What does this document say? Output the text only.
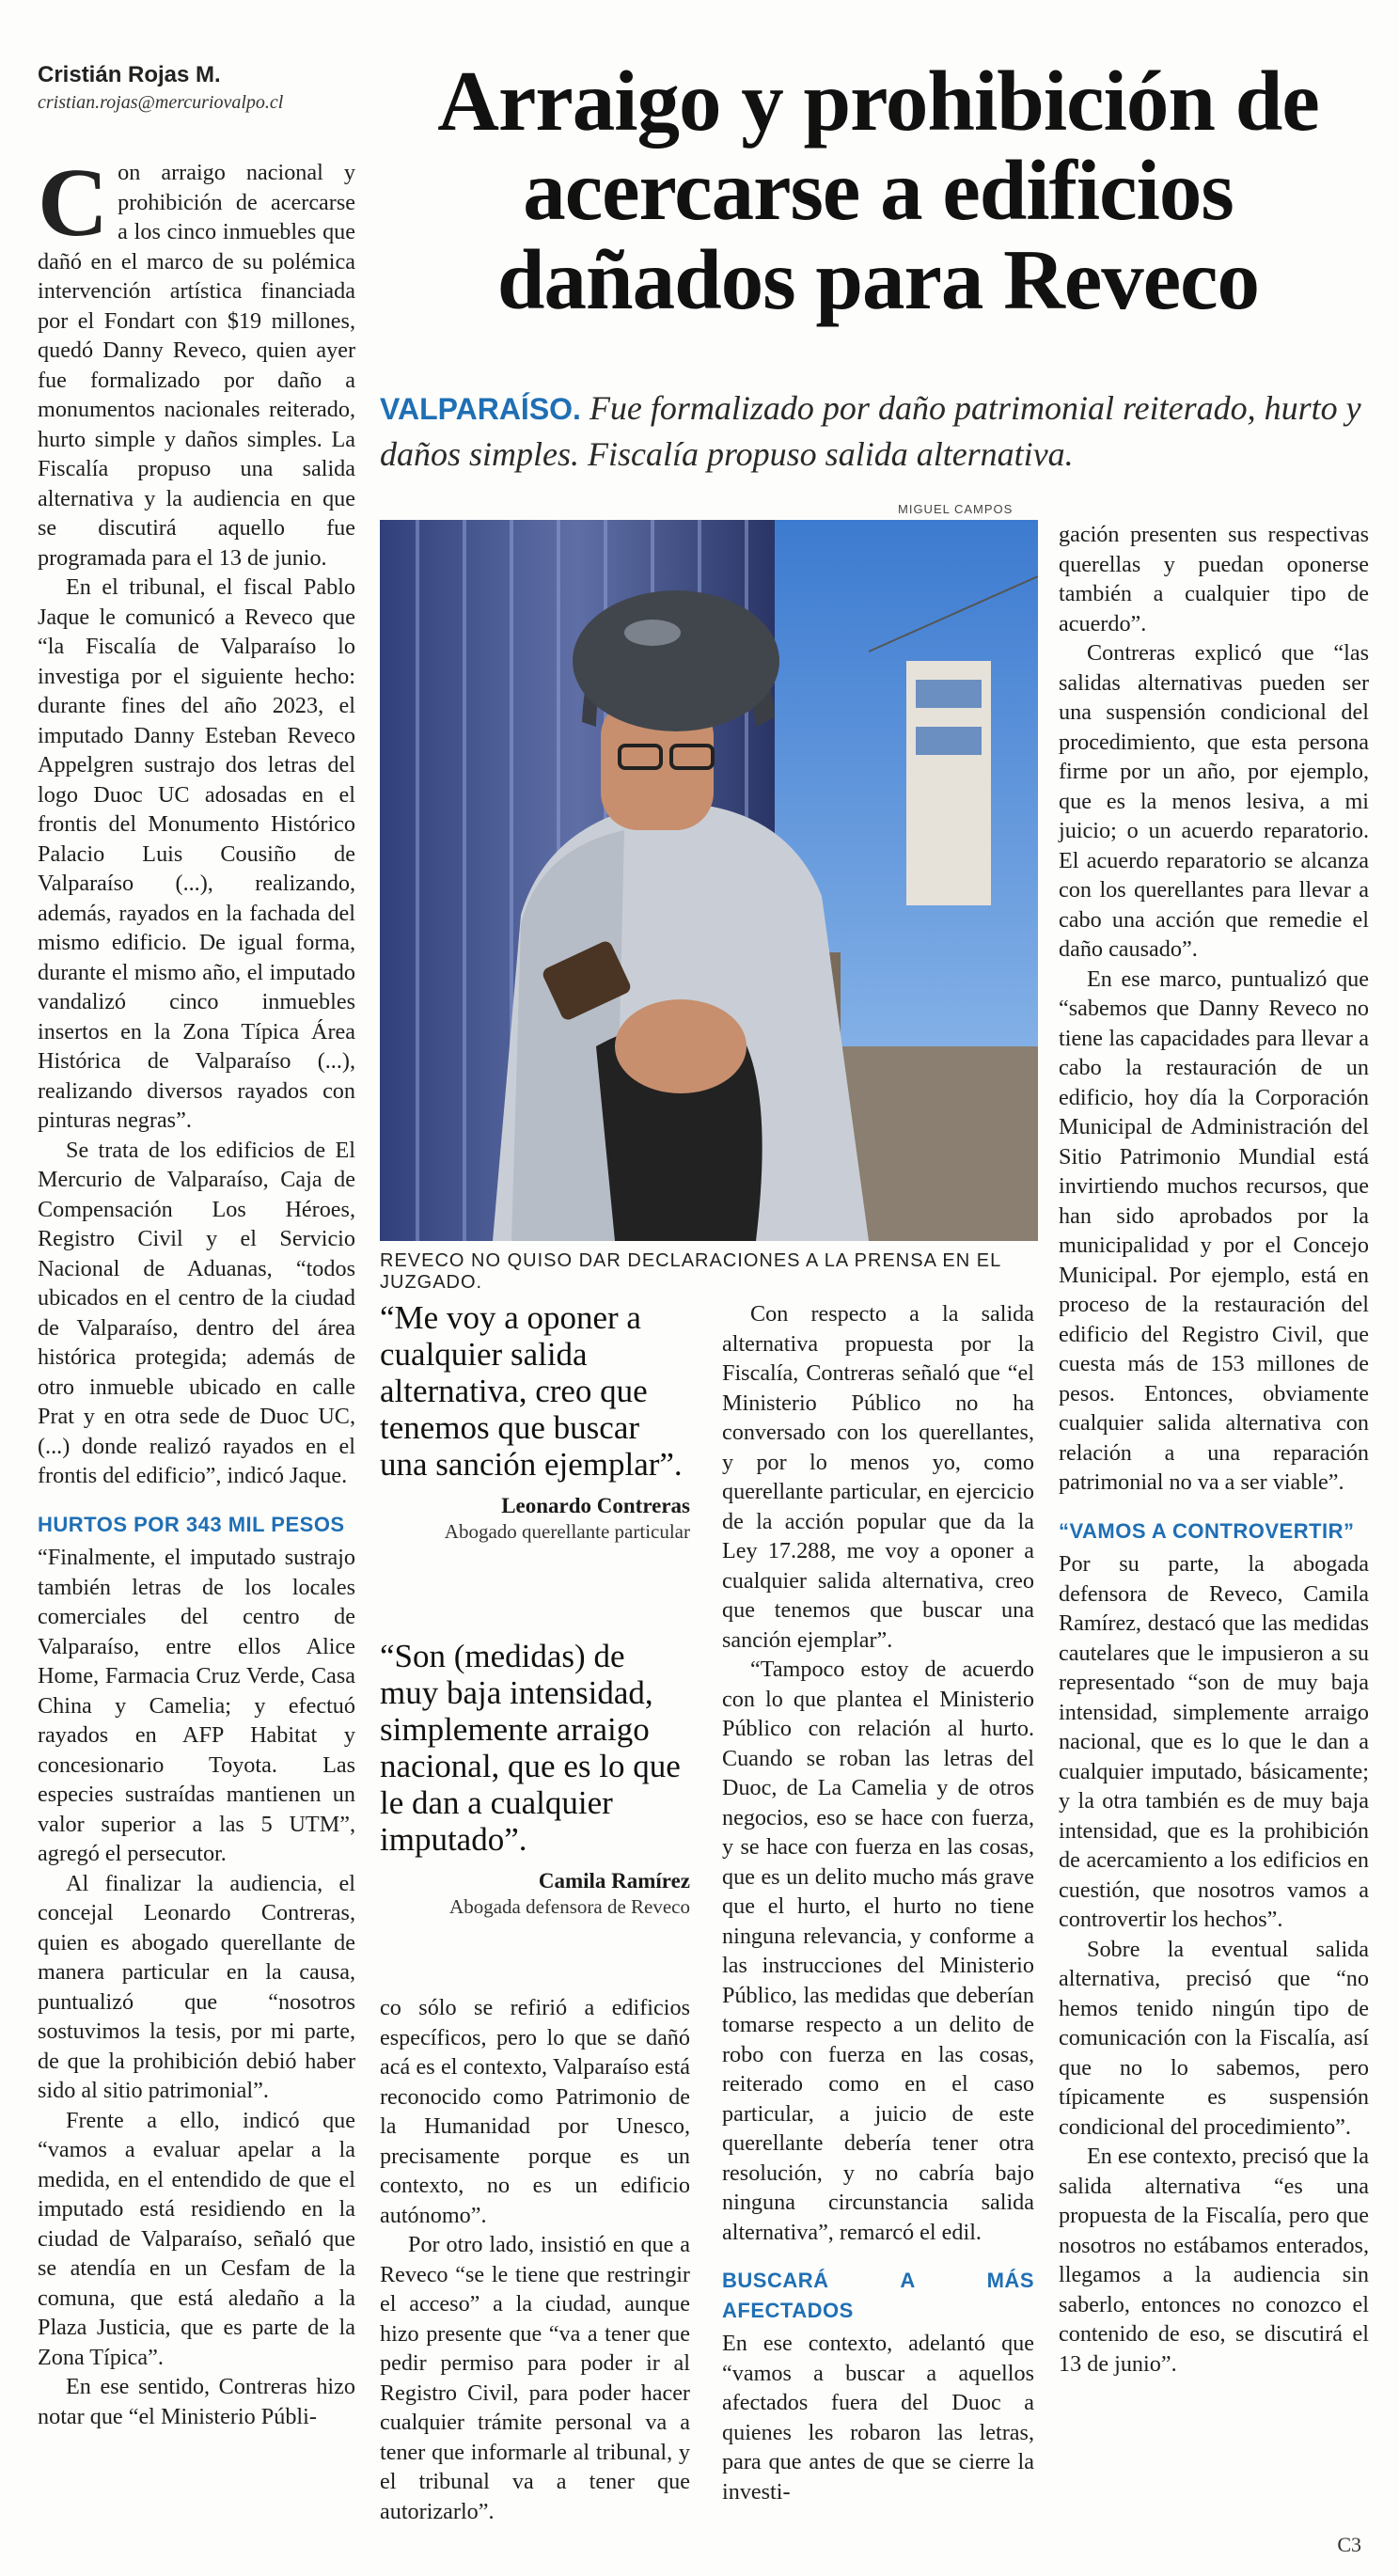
Cristián Rojas M.
cristian.rojas@mercuriovalpo.cl	Arraigo y prohibición de acercarse a edificios dañados para Reveco
VALPARAÍSO. Fue formalizado por daño patrimonial reiterado, hurto y daños simples. Fiscalía propuso salida alternativa.

Con arraigo nacional y prohibición de acercarse a los cinco inmuebles que dañó en el marco de su polémica intervención artística financiada por el Fondart con $19 millones, quedó Danny Reveco, quien ayer fue formalizado por daño a monumentos nacionales reiterado, hurto simple y daños simples. La Fiscalía propuso una salida alternativa y la audiencia en que se discutirá aquello fue programada para el 13 de junio.

En el tribunal, el fiscal Pablo Jaque le comunicó a Reveco que “la Fiscalía de Valparaíso lo investiga por el siguiente hecho: durante fines del año 2023, el imputado Danny Esteban Reveco Appelgren sustrajo dos letras del logo Duoc UC adosadas en el frontis del Monumento Histórico Palacio Luis Cousiño de Valparaíso (...), realizando, además, rayados en la fachada del mismo edificio. De igual forma, durante el mismo año, el imputado vandalizó cinco inmuebles insertos en la Zona Típica Área Histórica de Valparaíso (...), realizando diversos rayados con pinturas negras”.

Se trata de los edificios de El Mercurio de Valparaíso, Caja de Compensación Los Héroes, Registro Civil y el Servicio Nacional de Aduanas, “todos ubicados en el centro de la ciudad de Valparaíso, dentro del área histórica protegida; además de otro inmueble ubicado en calle Prat y en otra sede de Duoc UC, (...) donde realizó rayados en el frontis del edificio”, indicó Jaque.

HURTOS POR 343 MIL PESOS

“Finalmente, el imputado sustrajo también letras de los locales comerciales del centro de Valparaíso, entre ellos Alice Home, Farmacia Cruz Verde, Casa China y Camelia; y efectuó rayados en AFP Habitat y concesionario Toyota. Las especies sustraídas mantienen un valor superior a las 5 UTM”, agregó el persecutor.

Al finalizar la audiencia, el concejal Leonardo Contreras, quien es abogado querellante de manera particular en la causa, puntualizó que “nosotros sostuvimos la tesis, por mi parte, de que la prohibición debió haber sido al sitio patrimonial”.

Frente a ello, indicó que “vamos a evaluar apelar a la medida, en el entendido de que el imputado está residiendo en la ciudad de Valparaíso, señaló que se atendía en un Cesfam de la comuna, que está aledaño a la Plaza Justicia, que es parte de la Zona Típica”.

En ese sentido, Contreras hizo notar que “el Ministerio Públi-

MIGUEL CAMPOS
REVECO NO QUISO DAR DECLARACIONES A LA PRENSA EN EL JUZGADO.
“Me voy a oponer a cualquier salida alternativa, creo que tenemos que buscar una sanción ejemplar”.
Leonardo Contreras
Abogado querellante particular
“Son (medidas) de muy baja intensidad, simplemente arraigo nacional, que es lo que le dan a cualquier imputado”.
Camila Ramírez
Abogada defensora de Reveco

co sólo se refirió a edificios específicos, pero lo que se dañó acá es el contexto, Valparaíso está reconocido como Patrimonio de la Humanidad por Unesco, precisamente porque es un contexto, no es un edificio autónomo”.

Por otro lado, insistió en que a Reveco “se le tiene que restringir el acceso” a la ciudad, aunque hizo presente que “va a tener que pedir permiso para poder ir al Registro Civil, para poder hacer cualquier trámite personal va a tener que informarle al tribunal, y el tribunal va a tener que autorizarlo”.

Con respecto a la salida alternativa propuesta por la Fiscalía, Contreras señaló que “el Ministerio Público no ha conversado con los querellantes, y por lo menos yo, como querellante particular, en ejercicio de la acción popular que da la Ley 17.288, me voy a oponer a cualquier salida alternativa, creo que tenemos que buscar una sanción ejemplar”.

“Tampoco estoy de acuerdo con lo que plantea el Ministerio Público con relación al hurto. Cuando se roban las letras del Duoc, de La Camelia y de otros negocios, eso se hace con fuerza, y se hace con fuerza en las cosas, que es un delito mucho más grave que el hurto, el hurto no tiene ninguna relevancia, y conforme a las instrucciones del Ministerio Público, las medidas que deberían tomarse respecto a un delito de robo con fuerza en las cosas, reiterado como en el caso particular, a juicio de este querellante debería tener otra resolución, y no cabría bajo ninguna circunstancia salida alternativa”, remarcó el edil.

BUSCARÁ A MÁS AFECTADOS

En ese contexto, adelantó que “vamos a buscar a aquellos afectados fuera del Duoc a quienes les robaron las letras, para que antes de que se cierre la investi-

gación presenten sus respectivas querellas y puedan oponerse también a cualquier tipo de acuerdo”.

Contreras explicó que “las salidas alternativas pueden ser una suspensión condicional del procedimiento, que esta persona firme por un año, por ejemplo, que es la menos lesiva, a mi juicio; o un acuerdo reparatorio. El acuerdo reparatorio se alcanza con los querellantes para llevar a cabo una acción que remedie el daño causado”.

En ese marco, puntualizó que “sabemos que Danny Reveco no tiene las capacidades para llevar a cabo la restauración de un edificio, hoy día la Corporación Municipal de Administración del Sitio Patrimonio Mundial está invirtiendo muchos recursos, que han sido aprobados por la municipalidad y por el Concejo Municipal. Por ejemplo, está en proceso de la restauración del edificio del Registro Civil, que cuesta más de 153 millones de pesos. Entonces, obviamente cualquier salida alternativa con relación a una reparación patrimonial no va a ser viable”.

“VAMOS A CONTROVERTIR”

Por su parte, la abogada defensora de Reveco, Camila Ramírez, destacó que las medidas cautelares que le impusieron a su representado “son de muy baja intensidad, simplemente arraigo nacional, que es lo que le dan a cualquier imputado, básicamente; y la otra también es de muy baja intensidad, que es la prohibición de acercamiento a los edificios en cuestión, que nosotros vamos a controvertir los hechos”.

Sobre la eventual salida alternativa, precisó que “no hemos tenido ningún tipo de comunicación con la Fiscalía, así que no lo sabemos, pero típicamente es suspensión condicional del procedimiento”.

En ese contexto, precisó que la salida alternativa “es una propuesta de la Fiscalía, pero que nosotros no estábamos enterados, llegamos a la audiencia sin saberlo, entonces no conozco el contenido de eso, se discutirá el 13 de junio”.

C3
